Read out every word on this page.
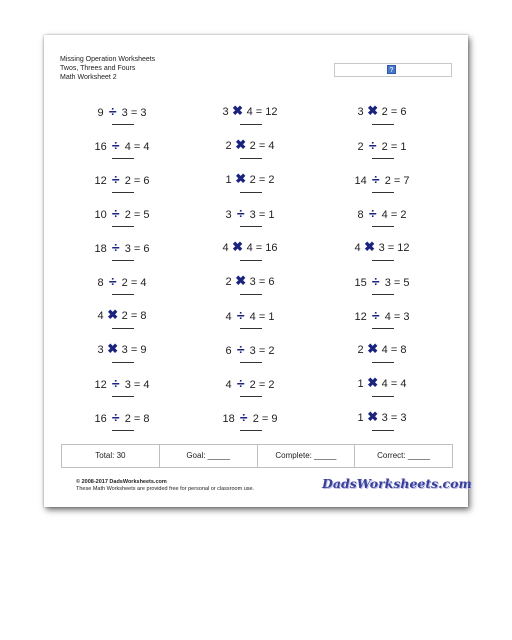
Missing Operation Worksheets
Twos, Threes and Fours
Math Worksheet 2
?
9 ÷ 3 = 3
16 ÷ 4 = 4
12 ÷ 2 = 6
10 ÷ 2 = 5
18 ÷ 3 = 6
8 ÷ 2 = 4
4 ✖ 2 = 8
3 ✖ 3 = 9
12 ÷ 3 = 4
16 ÷ 2 = 8
3 ✖ 4 = 12
2 ✖ 2 = 4
1 ✖ 2 = 2
3 ÷ 3 = 1
4 ✖ 4 = 16
2 ✖ 3 = 6
4 ÷ 4 = 1
6 ÷ 3 = 2
4 ÷ 2 = 2
18 ÷ 2 = 9
3 ✖ 2 = 6
2 ÷ 2 = 1
14 ÷ 2 = 7
8 ÷ 4 = 2
4 ✖ 3 = 12
15 ÷ 3 = 5
12 ÷ 4 = 3
2 ✖ 4 = 8
1 ✖ 4 = 4
1 ✖ 3 = 3
Total: 30	Goal: _____	Complete: _____	Correct: _____
© 2008-2017 DadsWorksheets.com
These Math Worksheets are provided free for personal or classroom use.	DadsWorksheets.com
